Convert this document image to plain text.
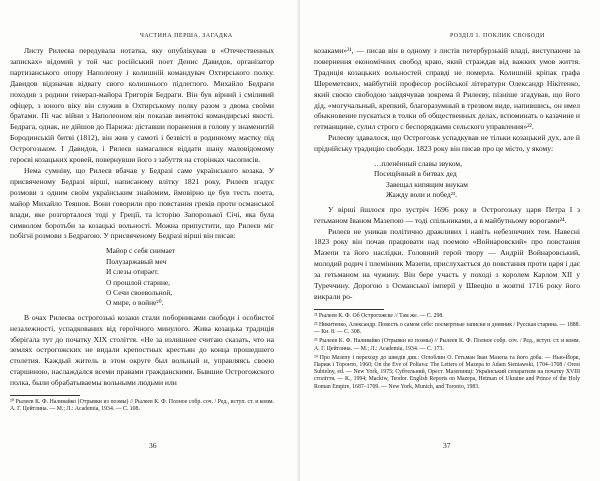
ЧАСТИНА ПЕРША. ЗАГАДКА

Листу Рилеєва передувала нотатка, яку опублікував в «Отечественных записках» відомий у той час російський поет Денис Давидов, організатор партизанського опору Наполеону і колишній командувач Охтирського полку. Давидов відзначав відвагу свого колишнього підлеглого. Михайло Бедраги походив з родини генерал-майора Григорія Бедраги. Він був вірний і сміливий офіцер, з юного віку він служив в Охтирському полку разом з двома своїми братами. Пі час війни з Наполеоном він показав винятокі командирські якості. Бедрага, однак, не дійшов до Парижа: діставши поранення в голову у знаменитій Бородинській битві (1812), він жив у самоті і безвісті в родинному маєтку під Острогозьком. І Давидов, і Рилеєв намагалися віддати шану маловідомому героєві козацьких кровей, повернувши його з забуття на сторінках часописів.

Нема сумніву, що Рилеєв вбачав у Бедразі саме українського козака. У присвяченому Бедразі вірші, написаному влітку 1821 року, Рилеєв згадує розмови з одним своїм українським знайомим, ймовірно це був тесть поета, майор Михайло Теяшов. Вони говорили про повстання греків проти османської влади, яке розгорталося тоді у Греції, та історію Запорозької Січі, яка була символом боротьби за козацькі вольності. Можна припустити, що Рилеєв міг побігні розмови з Бедрагою. У присвяченому Бедразі вірші він писав:

Майор с себя снимает
Полузаржавый меч
И слезы отирает.
О прошлой старине,
О Сечи своевольной,
О мире, о войне²⁰.

В очах Рилеєва острогозькі козаки стали поборниками свободи і особистої незалежності, успадкованих від героїчного минулого. Жива козацька традиція зберігала тут до початку XIX століття. «Не за излишнее считаю сказать, что на землях острогожских не видали крепостных крестьян до конца прошедшего столетия. Каждый житель в этом округе был вольный и, управляясь своею старшиною, наслаждался всеми правами гражданскими. Бывшие Острогожского полка, были обрабатываемы вольными людьми или

²⁰ Рылеев К. Ф. Наливайко (Отрывки из поэмы) // Рылеев К. Ф. Полное собр. соч. / Ред., вступ. ст. и комм. А. Г. Цейтлина. — М.; Л.: Academia, 1934. — С. 108.

36
РОЗДІЛ 1. ПОКЛИК СВОБОДИ

козаками»²¹, — писав він в одному з листів петербурзькій владі, виступаючи за повернення економічних свобод краю, який страждав від важких умов життя. Традиція козацьких вольностей справді не померла. Колишній кріпак графа Шереметєвих, майбутній професор російської літератури Олександр Нікітенко, який своєю свободою завдячував зокрема й Рилеєву, пізніше згадував, що його дід, «могучальный, крепкий, благоразумный в трезвом виде, напившись, он имел обыкновение пускаться в толки об общественных делах, вспоминать о казачине и гетманщине, сулил строго с беспорядками сельского управления»²².

Рилеєву здавалося, що Острогозьк успадкував не тільки козацький дух, але й пріднійську традицію свободи. 1823 року він писав про це місто, у якому:

…пленённый славы звуком,
Посещённый в битвах дед
Завещал кипящим внукам
Жажду воли и побед²³.

У вірші йшлося про зустріч 1696 року в Острогозьку царя Петра I з гетьманом Іваном Мазепою — тоді спільниками, а в майбутньому ворогами²⁴.

Рилеєв не уникав політично дражливих і навіть небезпечних тем. Навесні 1823 року він почав працювати над поемою «Войнаровский» про повстання Мазепи та його наслідки. Головний герой твору — Андрій Войнаровський, молодий родич і племінник Мазепи, прислухається до повстання проти царя і дає за гетьманом на чужину. Він бере участь у поході з королем Карлом XII у Туреччину. Дорогою з Османської імперії у Швецію в жовтні 1716 року його викрали ро-

²¹ Рылеев К. Ф. Об Острогожске // Там же. — С. 298.

²² Никитенко, Александр. Повесть о самом себе: посмертные записки и дневник / Русская старина. — 1888. — Кн. 8. — С. 308.

²³ Рылеев К. Ф. Наливайко (Отрывки из поэмы) // Рылеев К. Ф. Полное собр. соч. / Ред., вступ. ст. и комм. А. Г. Цейтлина. — М.; Л.: Academia, 1934. — С. 173.

²⁴ Про Мазепу і переходу до шведів див.: Оглоблин О. Гетьман Іван Мазепа та його доба. — Нью-Йорк, Париж і Торонто, 1960; On the Eve of Poltava: The Letters of Mazepa to Adam Sieniawski, 1704–1708 / Orest Subtelny, ed. — New York, 1975; Субтельний, Орест. Мазепинці: Український сепаратизм на початку XVIII століття. — К., 1994; Mackiw, Teodor. English Reports on Mazepa, Hetman of Ukraine and Prince of the Holy Roman Empire, 1687–1709. — New York, Munich, and Toronto, 1983.

37
